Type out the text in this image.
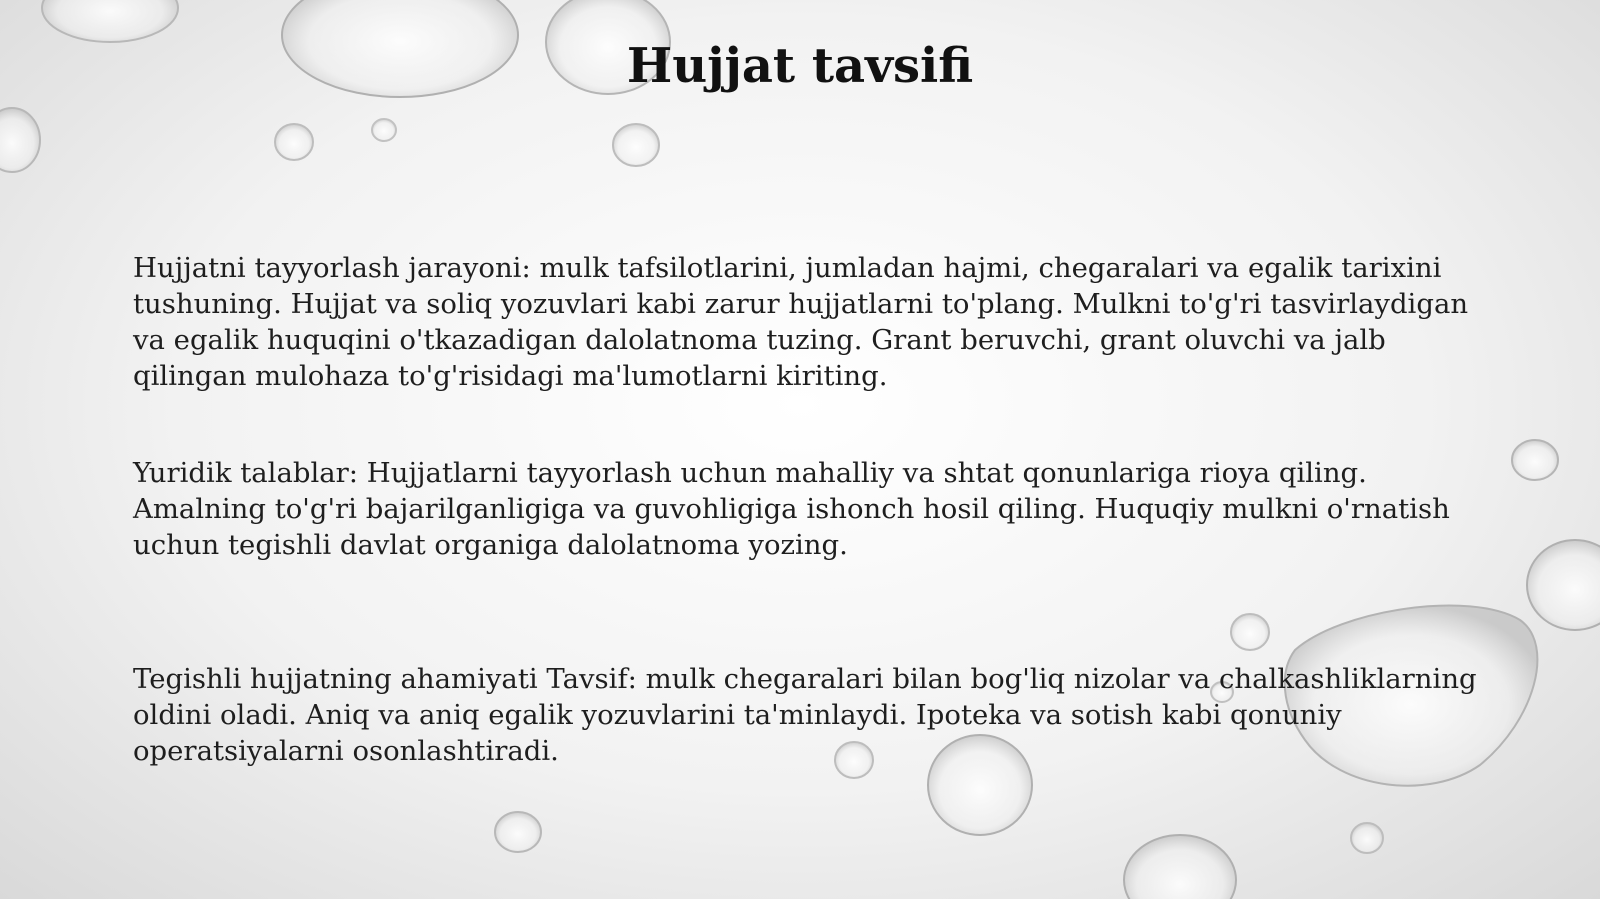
Hujjat tavsifi

Hujjatni tayyorlash jarayoni: mulk tafsilotlarini, jumladan hajmi, chegaralari va egalik tarixini tushuning. Hujjat va soliq yozuvlari kabi zarur hujjatlarni to'plang. Mulkni to'g'ri tasvirlaydigan va egalik huquqini o'tkazadigan dalolatnoma tuzing. Grant beruvchi, grant oluvchi va jalb qilingan mulohaza to'g'risidagi ma'lumotlarni kiriting.

Yuridik talablar: Hujjatlarni tayyorlash uchun mahalliy va shtat qonunlariga rioya qiling. Amalning to'g'ri bajarilganligiga va guvohligiga ishonch hosil qiling. Huquqiy mulkni o'rnatish uchun tegishli davlat organiga dalolatnoma yozing.

Tegishli hujjatning ahamiyati Tavsif: mulk chegaralari bilan bog'liq nizolar va chalkashliklarning oldini oladi. Aniq va aniq egalik yozuvlarini ta'minlaydi. Ipoteka va sotish kabi qonuniy operatsiyalarni osonlashtiradi.
